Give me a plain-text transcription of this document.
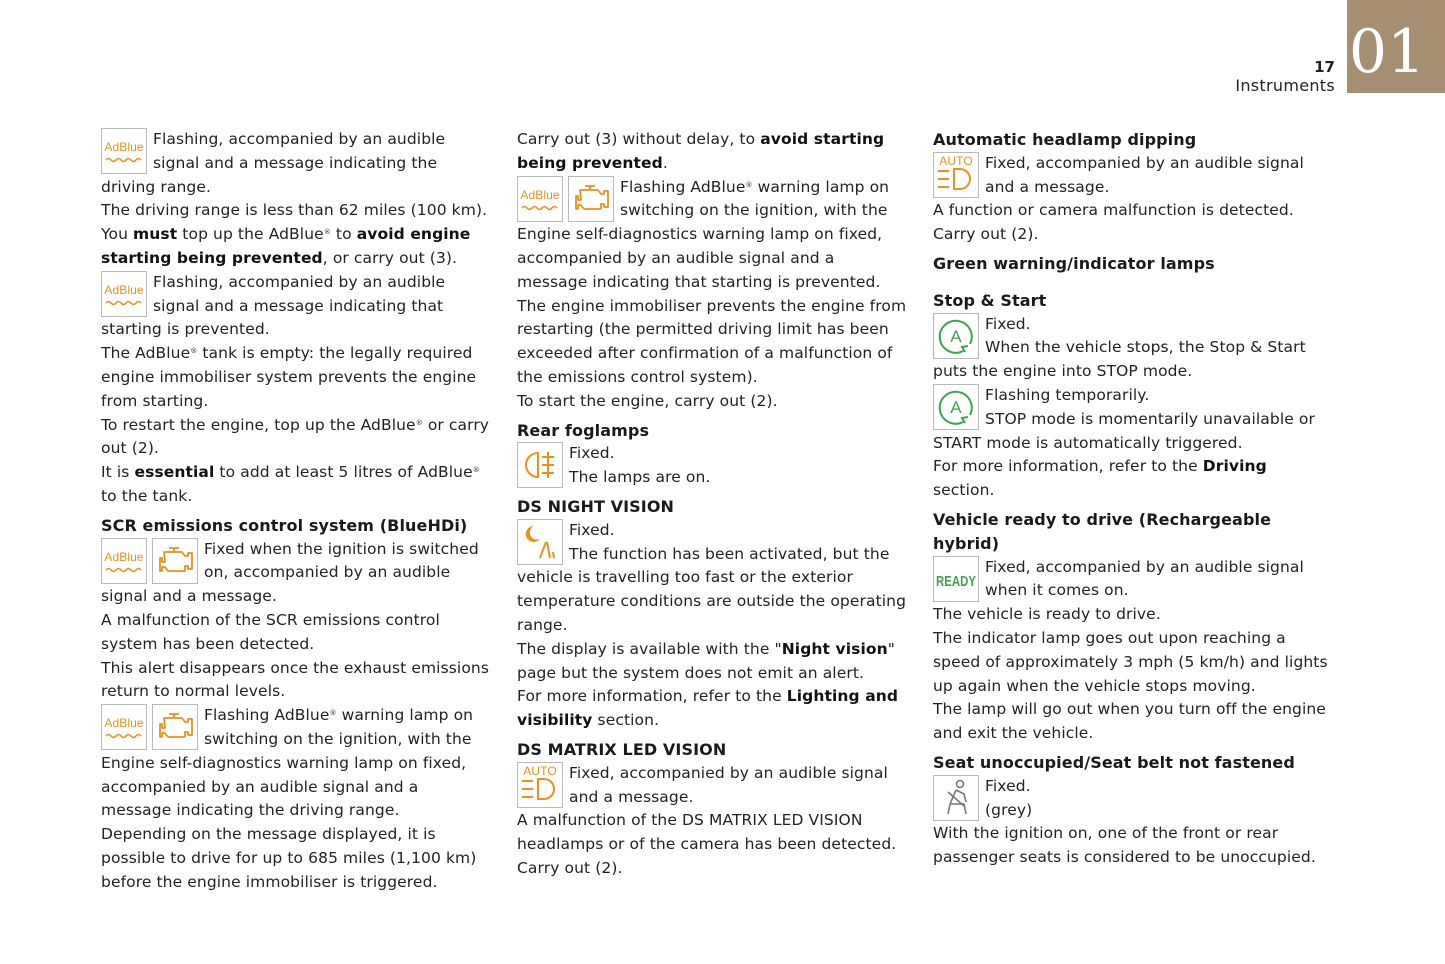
17
Instruments 01
AdBlue Flashing, accompanied by an audible signal and a message indicating the driving range.

The driving range is less than 62 miles (100 km).

You must top up the AdBlue® to avoid engine starting being prevented, or carry out (3).

AdBlue Flashing, accompanied by an audible signal and a message indicating that starting is prevented.

The AdBlue® tank is empty: the legally required engine immobiliser system prevents the engine from starting.

To restart the engine, top up the AdBlue® or carry out (2).

It is essential to add at least 5 litres of AdBlue® to the tank.

SCR emissions control system (BlueHDi)
AdBlue	Fixed when the ignition is switched on, accompanied by an audible signal and a message.

A malfunction of the SCR emissions control system has been detected.

This alert disappears once the exhaust emissions return to normal levels.

AdBlue	Flashing AdBlue® warning lamp on switching on the ignition, with the Engine self-diagnostics warning lamp on fixed, accompanied by an audible signal and a message indicating the driving range.

Depending on the message displayed, it is possible to drive for up to 685 miles (1,100 km) before the engine immobiliser is triggered.

Carry out (3) without delay, to avoid starting being prevented.

AdBlue	Flashing AdBlue® warning lamp on switching on the ignition, with the Engine self-diagnostics warning lamp on fixed, accompanied by an audible signal and a message indicating that starting is prevented.

The engine immobiliser prevents the engine from restarting (the permitted driving limit has been exceeded after confirmation of a malfunction of the emissions control system).

To start the engine, carry out (2).

Rear foglamps

Fixed.

The lamps are on.

DS NIGHT VISION

Fixed.

The function has been activated, but the vehicle is travelling too fast or the exterior temperature conditions are outside the operating range.

The display is available with the "Night vision" page but the system does not emit an alert.

For more information, refer to the Lighting and visibility section.

DS MATRIX LED VISION
AUTO Fixed, accompanied by an audible signal and a message.

A malfunction of the DS MATRIX LED VISION headlamps or of the camera has been detected.

Carry out (2).

Automatic headlamp dipping
AUTO Fixed, accompanied by an audible signal and a message.

A function or camera malfunction is detected.

Carry out (2).

Green warning/indicator lamps
Stop & Start
A

Fixed.

When the vehicle stops, the Stop & Start puts the engine into STOP mode.

A

Flashing temporarily.

STOP mode is momentarily unavailable or START mode is automatically triggered.

For more information, refer to the Driving section.

Vehicle ready to drive (Rechargeable hybrid)
READY

Fixed, accompanied by an audible signal when it comes on.

The vehicle is ready to drive.

The indicator lamp goes out upon reaching a speed of approximately 3 mph (5 km/h) and lights up again when the vehicle stops moving.

The lamp will go out when you turn off the engine and exit the vehicle.

Seat unoccupied/Seat belt not fastened

Fixed.

(grey)

With the ignition on, one of the front or rear passenger seats is considered to be unoccupied.
